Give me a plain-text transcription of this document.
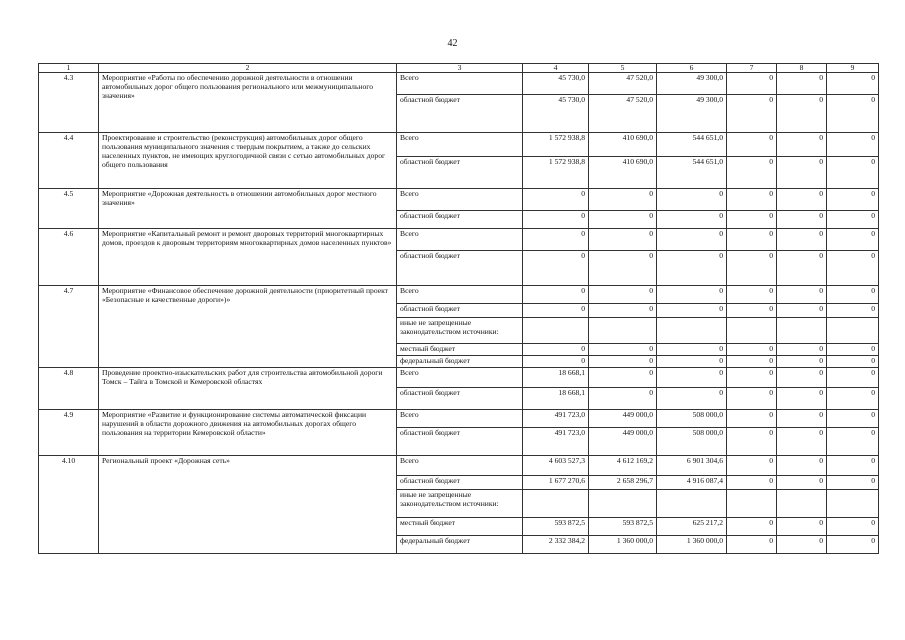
42
1	2	3	4	5	6	7	8	9
4.3	Мероприятие «Работы по обеспечению дорожной деятельности в отношении автомобильных дорог общего пользования регионального или межмуниципального значения»	Всего	45 730,0	47 520,0	49 300,0	0	0	0
		областной бюджет	45 730,0	47 520,0	49 300,0	0	0	0
4.4	Проектирование и строительство (реконструкция) автомобильных дорог общего пользования муниципального значения с твердым покрытием, а также до сельских населенных пунктов, не имеющих круглогодичной связи с сетью автомобильных дорог общего пользования	Всего	1 572 938,8	410 690,0	544 651,0	0	0	0
		областной бюджет	1 572 938,8	410 690,0	544 651,0	0	0	0
4.5	Мероприятие «Дорожная деятельность в отношении автомобильных дорог местного значения»	Всего	0	0	0	0	0	0
		областной бюджет	0	0	0	0	0	0
4.6	Мероприятие «Капитальный ремонт и ремонт дворовых территорий многоквартирных домов, проездов к дворовым территориям многоквартирных домов населенных пунктов»	Всего	0	0	0	0	0	0
		областной бюджет	0	0	0	0	0	0
4.7	Мероприятие «Финансовое обеспечение дорожной деятельности (приоритетный проект «Безопасные и качественные дороги»)»	Всего	0	0	0	0	0	0
		областной бюджет	0	0	0	0	0	0
		иные не запрещенные законодательством источники:						
		местный бюджет	0	0	0	0	0	0
		федеральный бюджет	0	0	0	0	0	0
4.8	Проведение проектно-изыскательских работ для строительства автомобильной дороги Томск – Тайга в Томской и Кемеровской областях	Всего	18 668,1	0	0	0	0	0
		областной бюджет	18 668,1	0	0	0	0	0
4.9	Мероприятие «Развитие и функционирование системы автоматической фиксации нарушений в области дорожного движения на автомобильных дорогах общего пользования на территории Кемеровской области»	Всего	491 723,0	449 000,0	508 000,0	0	0	0
		областной бюджет	491 723,0	449 000,0	508 000,0	0	0	0
4.10	Региональный проект «Дорожная сеть»	Всего	4 603 527,3	4 612 169,2	6 901 304,6	0	0	0
		областной бюджет	1 677 270,6	2 658 296,7	4 916 087,4	0	0	0
		иные не запрещенные законодательством источники:						
		местный бюджет	593 872,5	593 872,5	625 217,2	0	0	0
		федеральный бюджет	2 332 384,2	1 360 000,0	1 360 000,0	0	0	0
